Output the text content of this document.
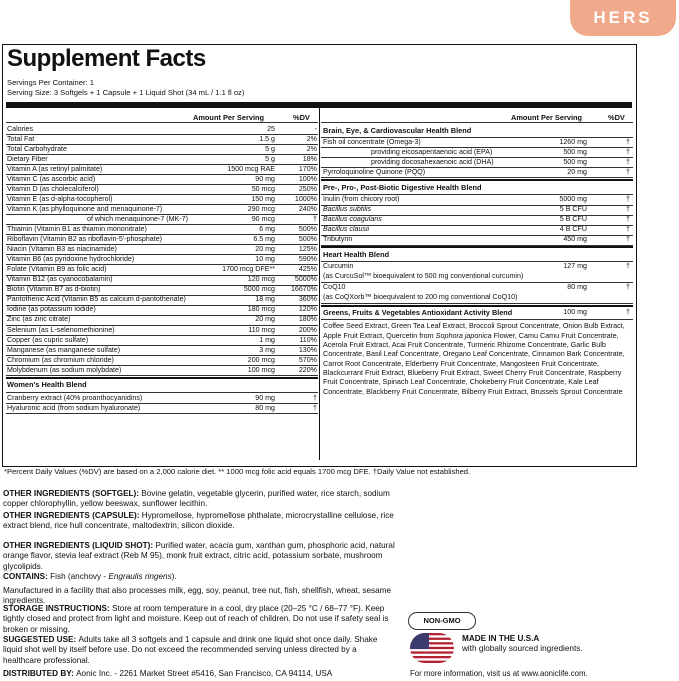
HERS
Supplement Facts
Servings Per Container: 1
Serving Size: 3 Softgels + 1 Capsule + 1 Liquid Shot (34 mL / 1.1 fl oz)
Amount Per Serving	%DV	Amount Per Serving	%DV
Calories	25	-
Total Fat	1.5 g	2%
Total Carbohydrate	5 g	2%
Dietary Fiber	5 g	18%
Vitamin A (as retinyl palmitate)	1500 mcg RAE	170%
Vitamin C (as ascorbic acid)	90 mg	100%
Vitamin D (as cholecalciferol)	50 mcg	250%
Vitamin E (as d-alpha-tocopherol)	150 mg	1000%
Vitamin K (as phylloquinone and menaquinone-7)	290 mcg	240%
of which menaquinone-7 (MK-7)	90 mcg	†
Thiamin (Vitamin B1 as thiamin mononitrate)	6 mg	500%
Riboflavin (Vitamin B2 as riboflavin-5'-phosphate)	6.5 mg	500%
Niacin (Vitamin B3 as niacinamide)	20 mg	125%
Vitamin B6 (as pyridoxine hydrochloride)	10 mg	590%
Folate (Vitamin B9 as folic acid)	1700 mcg DFE**	425%
Vitamin B12 (as cyanocobalamin)	120 mcg	5000%
Biotin (Vitamin B7 as d-biotin)	5000 mcg	16670%
Pantothenic Acid (Vitamin B5 as calcium d-pantothenate)	18 mg	360%
Iodine (as potassium iodide)	180 mcg	120%
Zinc (as zinc citrate)	20 mg	180%
Selenium (as L-selenomethionine)	110 mcg	200%
Copper (as cupric sulfate)	1 mg	110%
Manganese (as manganese sulfate)	3 mg	130%
Chromium (as chromium chloride)	200 mcg	570%
Molybdenum (as sodium molybdate)	100 mcg	220%
Women's Health Blend
Cranberry extract (40% proanthocyanidins)	90 mg	†
Hyaluronic acid (from sodium hyaluronate)	80 mg	†
Brain, Eye, & Cardiovascular Health Blend
Fish oil concentrate (Omega-3)	1260 mg	†
providing eicosapentaenoic acid (EPA)	500 mg	†
providing docosahexaenoic acid (DHA)	500 mg	†
Pyrroloquinoline Quinone (PQQ)	20 mg	†
Pre-, Pro-, Post-Biotic Digestive Health Blend
Inulin (from chicory root)	5000 mg	†
Bacillus subtilis	5 B CFU	†
Bacillus coagulans	5 B CFU	†
Bacillus clausii	4 B CFU	†
Tributyrin	450 mg	†
Heart Health Blend
Curcumin	127 mg	†
(as CurcuSol™ bioequivalent to 500 mg conventional curcumin)
CoQ10	80 mg	†
(as CoQXorb™ bioequivalent to 200 mg conventional CoQ10)
Greens, Fruits & Vegetables Antioxidant Activity Blend	100 mg	†
Coffee Seed Extract, Green Tea Leaf Extract, Broccoli Sprout Concentrate, Onion Bulb Extract, Apple Fruit Extract, Quercetin from Sophora japonica Flower, Camu Camu Fruit Concentrate, Acerola Fruit Extract, Acai Fruit Concentrate, Turmeric Rhizome Concentrate, Garlic Bulb Concentrate, Basil Leaf Concentrate, Oregano Leaf Concentrate, Cinnamon Bark Concentrate, Carrot Root Concentrate, Elderberry Fruit Concentrate, Mangosteen Fruit Concentrate, Blackcurrant Fruit Extract, Blueberry Fruit Extract, Sweet Cherry Fruit Concentrate, Raspberry Fruit Concentrate, Spinach Leaf Concentrate, Chokeberry Fruit Concentrate, Kale Leaf Concentrate, Blackberry Fruit Concentrate, Bilberry Fruit Extract, Brussels Sprout Concentrate
*Percent Daily Values (%DV) are based on a 2,000 calorie diet. ** 1000 mcg folic acid equals 1700 mcg DFE. †Daily Value not established.
OTHER INGREDIENTS (SOFTGEL): Bovine gelatin, vegetable glycerin, purified water, rice starch, sodium copper chlorophyllin, yellow beeswax, sunflower lecithin.
OTHER INGREDIENTS (CAPSULE): Hypromellose, hypromellose phthalate, microcrystalline cellulose, rice extract blend, rice hull concentrate, maltodextrin, silicon dioxide.
OTHER INGREDIENTS (LIQUID SHOT): Purified water, acacia gum, xanthan gum, phosphoric acid, natural orange flavor, stevia leaf extract (Reb M 95), monk fruit extract, citric acid, potassium sorbate, mushroom glycolipids.
CONTAINS: Fish (anchovy - Engraulis ringens).
Manufactured in a facility that also processes milk, egg, soy, peanut, tree nut, fish, shellfish, wheat, sesame ingredients.
STORAGE INSTRUCTIONS: Store at room temperature in a cool, dry place (20–25 °C / 68–77 °F). Keep tightly closed and protect from light and moisture. Keep out of reach of children. Do not use if safety seal is broken or missing.
SUGGESTED USE: Adults take all 3 softgels and 1 capsule and drink one liquid shot once daily. Shake liquid shot well by itself before use. Do not exceed the recommended serving unless directed by a healthcare professional.
DISTRIBUTED BY: Aonic Inc. - 2261 Market Street #5416, San Francisco, CA 94114, USA
NON-GMO
MADE IN THE U.S.A
with globally sourced ingredients.
For more information, visit us at www.aoniclife.com.
